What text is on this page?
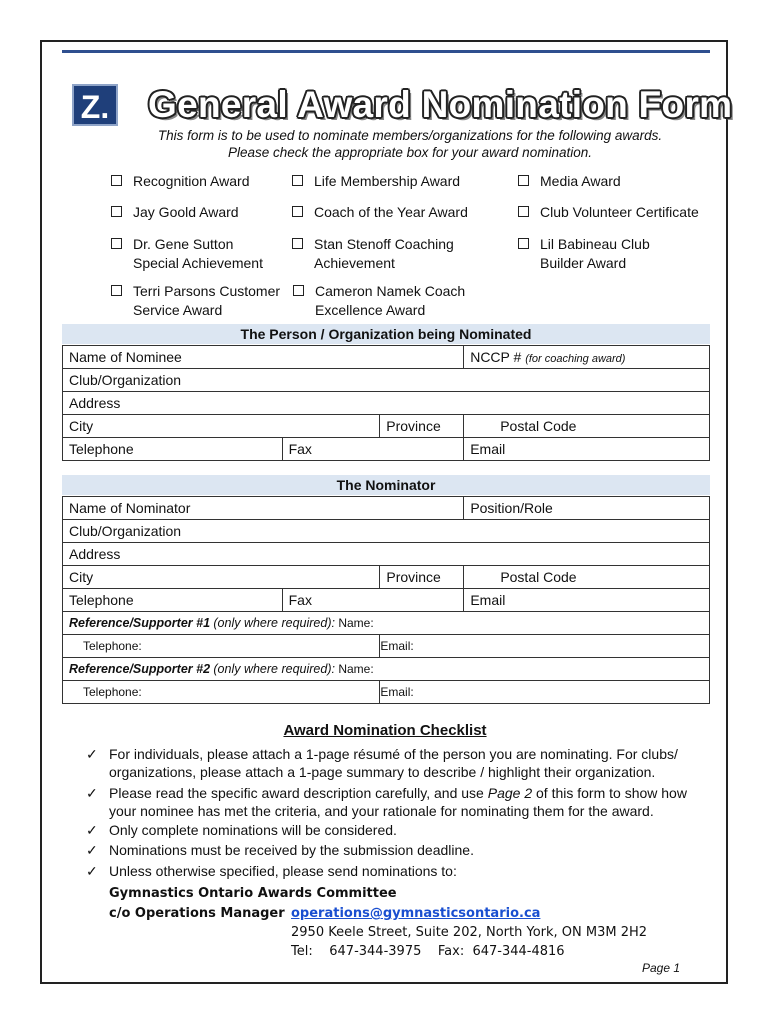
Z. General Award Nomination Form
This form is to be used to nominate members/organizations for the following awards.
Please check the appropriate box for your award nomination.
Recognition Award	Life Membership Award	Media Award
Jay Goold Award	Coach of the Year Award	Club Volunteer Certificate
Dr. Gene Sutton
Special Achievement
Stan Stenoff Coaching
Achievement
Lil Babineau Club
Builder Award
Terri Parsons Customer
Service Award
Cameron Namek Coach
Excellence Award
The Person / Organization being Nominated
Name of Nominee			NCCP # (for coaching award)
Club/Organization			
Address			
City		Province	Postal Code
Telephone	Fax		Email
The Nominator
Name of Nominator			Position/Role
Club/Organization			
Address			
City		Province	Postal Code
Telephone	Fax		Email
Reference/Supporter #1 (only where required): Name:			
Telephone:		Email:	
Reference/Supporter #2 (only where required): Name:			
Telephone:		Email:	
Award Nomination Checklist
✓ For individuals, please attach a 1-page résumé of the person you are nominating. For clubs/
organizations, please attach a 1-page summary to describe / highlight their organization.
✓ Please read the specific award description carefully, and use Page 2 of this form to show how
your nominee has met the criteria, and your rationale for nominating them for the award.
✓ Only complete nominations will be considered.
✓ Nominations must be received by the submission deadline.
✓ Unless otherwise specified, please send nominations to:
Gymnastics Ontario Awards Committee
c/o Operations Manager operations@gymnasticsontario.ca
2950 Keele Street, Suite 202, North York, ON M3M 2H2
Tel: 647-344-3975 Fax: 647-344-4816
Page 1
